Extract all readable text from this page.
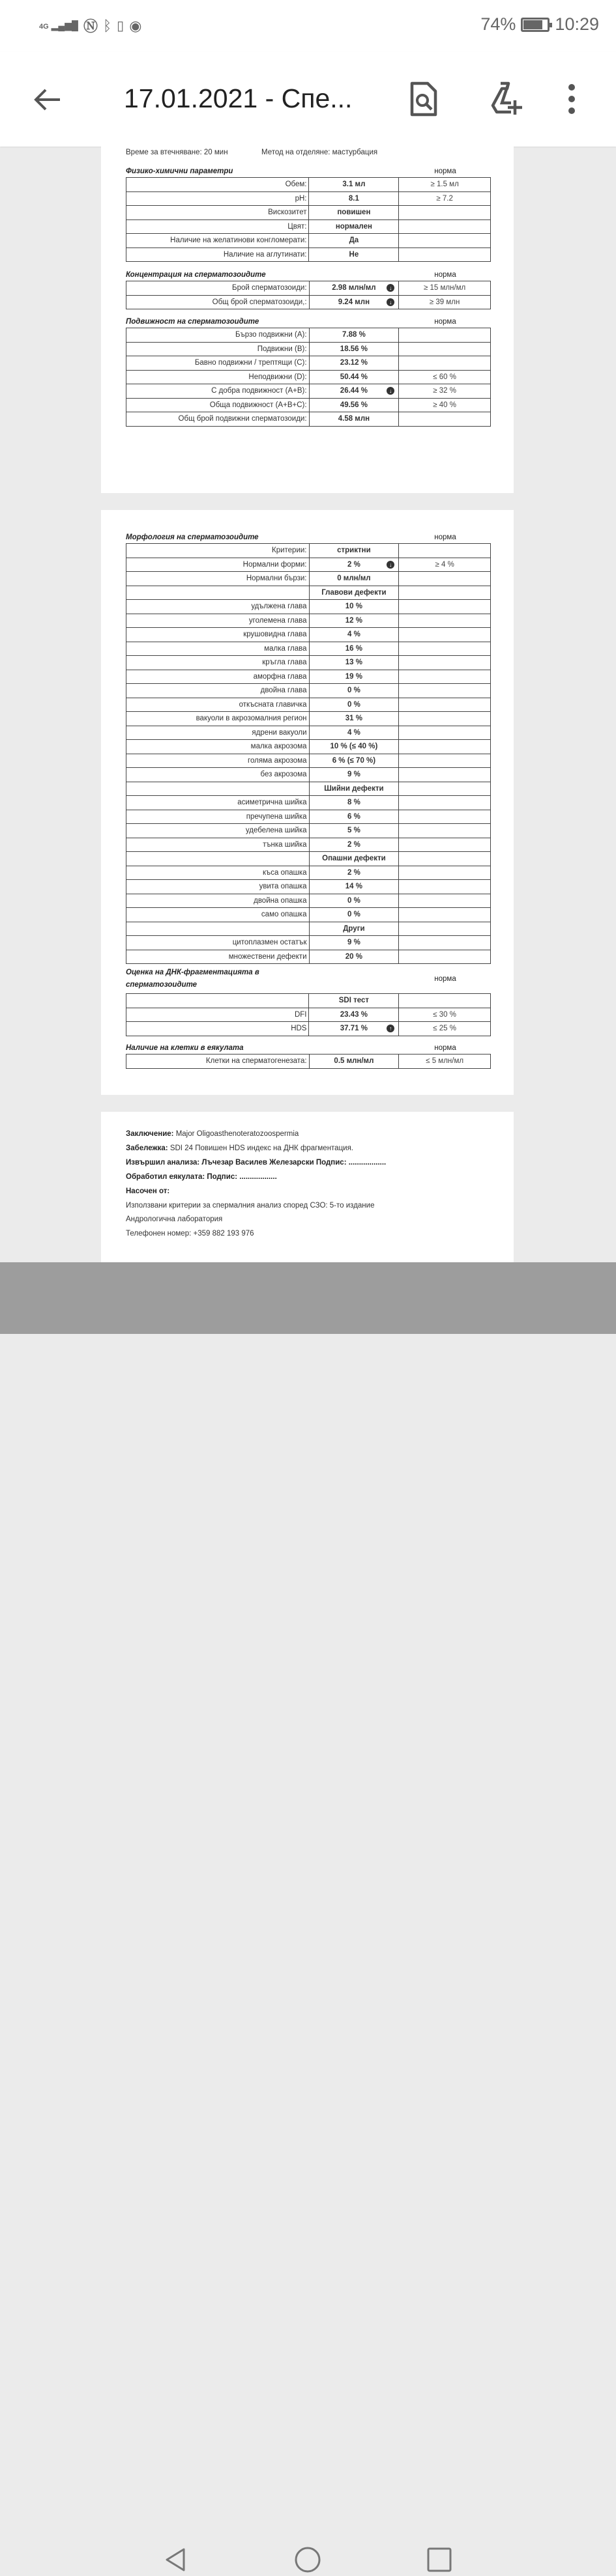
4G ▂▄▆█ Ⓝ ᛒ ▯ ◉	74% 10:29
17.01.2021 - Спе...
Време за втечняване: 20 мин	Метод на отделяне: мастурбация
Физико-химични параметри	норма
Обем:	3.1 мл	≥ 1.5 мл
pH:	8.1	≥ 7.2
Вискозитет	повишен	
Цвят:	нормален	
Наличие на желатинови конгломерати:	Да	
Наличие на аглутинати:	Не	
Концентрация на сперматозоидите	норма
Брой сперматозоиди:	2.98 млн/мл ↓	≥ 15 млн/мл
Общ брой сперматозоиди,:	9.24 млн ↓	≥ 39 млн
Подвижност на сперматозоидите	норма
Бързо подвижни (A):	7.88 %	
Подвижни (B):	18.56 %	
Бавно подвижни / трептящи (C):	23.12 %	
Неподвижни (D):	50.44 %	≤ 60 %
С добра подвижност (A+B):	26.44 % ↓	≥ 32 %
Обща подвижност (A+B+C):	49.56 %	≥ 40 %
Общ брой подвижни сперматозоиди:	4.58 млн	
Морфология на сперматозоидите	норма
Критерии:	стриктни	
Нормални форми:	2 % ↓	≥ 4 %
Нормални бързи:	0 млн/мл	
	Главови дефекти	
удължена глава	10 %	
уголемена глава	12 %	
крушовидна глава	4 %	
малка глава	16 %	
кръгла глава	13 %	
аморфна глава	19 %	
двойна глава	0 %	
откъсната главичка	0 %	
вакуоли в акрозомалния регион	31 %	
ядрени вакуоли	4 %	
малка акрозома	10 % (≤ 40 %)	
голяма акрозома	6 % (≤ 70 %)	
без акрозома	9 %	
	Шийни дефекти	
асиметрична шийка	8 %	
пречупена шийка	6 %	
удебелена шийка	5 %	
тънка шийка	2 %	
	Опашни дефекти	
къса опашка	2 %	
увита опашка	14 %	
двойна опашка	0 %	
само опашка	0 %	
	Други	
цитоплазмен остатък	9 %	
множествени дефекти	20 %	
Оценка на ДНК-фрагментацията в сперматозоидите
норма
	SDI тест	
DFI	23.43 %	≤ 30 %
HDS	37.71 % ↑	≤ 25 %
Наличие на клетки в еякулата	норма
Клетки на сперматогенезата:	0.5 млн/мл	≤ 5 млн/мл
Заключение: Major Oligoasthenoteratozoospermia
Забележка: SDI 24 Повишен HDS индекс на ДНК фрагментация.
Извършил анализа: Лъчезар Василев Железарски Подпис: ..................
Обработил еякулата: Подпис: ..................
Насочен от:
Използвани критерии за спермалния анализ според СЗО: 5-то издание
Андрологична лаборатория
Телефонен номер: +359 882 193 976
